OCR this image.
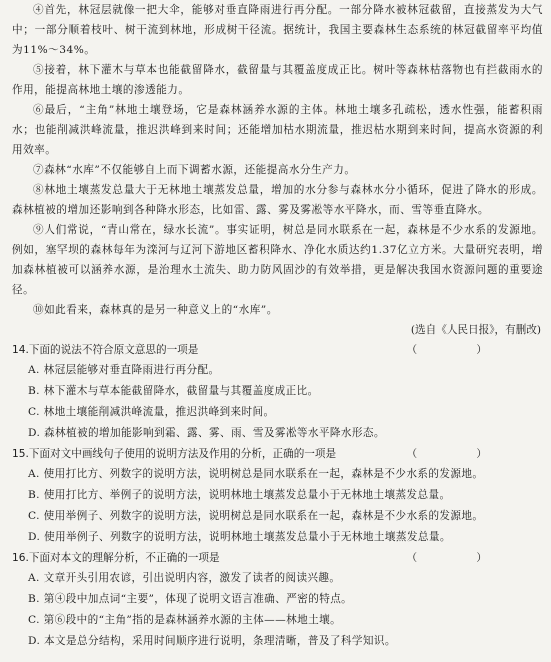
④首先，林冠层就像一把大伞，能够对垂直降雨进行再分配。一部分降水被林冠截留，直接蒸发为大气中；一部分顺着枝叶、树干流到林地，形成树干径流。据统计，我国主要森林生态系统的林冠截留率平均值为11%～34%。

⑤接着，林下灌木与草本也能截留降水，截留量与其覆盖度成正比。树叶等森林枯落物也有拦截雨水的作用，能提高林地土壤的渗透能力。

⑥最后，“主角”林地土壤登场，它是森林涵养水源的主体。林地土壤多孔疏松，透水性强，能蓄积雨水；也能削减洪峰流量，推迟洪峰到来时间；还能增加枯水期流量，推迟枯水期到来时间，提高水资源的利用效率。

⑦森林“水库”不仅能够自上而下调蓄水源，还能提高水分生产力。

⑧林地土壤蒸发总量大于无林地土壤蒸发总量，增加的水分参与森林水分小循环，促进了降水的形成。森林植被的增加还影响到各种降水形态，比如雷、露、雾及雾凇等水平降水，而、雪等垂直降水。

⑨人们常说，“青山常在，绿水长流”。事实证明，树总是同水联系在一起，森林是不少水系的发源地。例如，塞罕坝的森林每年为滦河与辽河下游地区蓄积降水、净化水质达约1.37亿立方米。大量研究表明，增加森林植被可以涵养水源，是治理水土流失、助力防风固沙的有效举措，更是解决我国水资源问题的重要途径。

⑩如此看来，森林真的是另一种意义上的“水库”。

(选自《人民日报》，有删改)

14.下面的说法不符合原文意思的一项是	（ ）

A. 林冠层能够对垂直降雨进行再分配。

B. 林下灌木与草本能截留降水，截留量与其覆盖度成正比。

C. 林地土壤能削减洪峰流量，推迟洪峰到来时间。

D. 森林植被的增加能影响到霜、露、雾、雨、雪及雾凇等水平降水形态。

15.下面对文中画线句子使用的说明方法及作用的分析，正确的一项是	（ ）

A. 使用打比方、列数字的说明方法，说明树总是同水联系在一起，森林是不少水系的发源地。

B. 使用打比方、举例子的说明方法，说明林地土壤蒸发总量小于无林地土壤蒸发总量。

C. 使用举例子、列数字的说明方法，说明树总是同水联系在一起，森林是不少水系的发源地。

D. 使用举例子、列数字的说明方法，说明林地土壤蒸发总量小于无林地土壤蒸发总量。

16.下面对本文的理解分析，不正确的一项是	（ ）

A. 文章开头引用农谚，引出说明内容，激发了读者的阅读兴趣。

B. 第④段中加点词“主要”，体现了说明文语言准确、严密的特点。

C. 第⑥段中的“主角”指的是森林涵养水源的主体——林地土壤。

D. 本文是总分结构，采用时间顺序进行说明，条理清晰，普及了科学知识。
